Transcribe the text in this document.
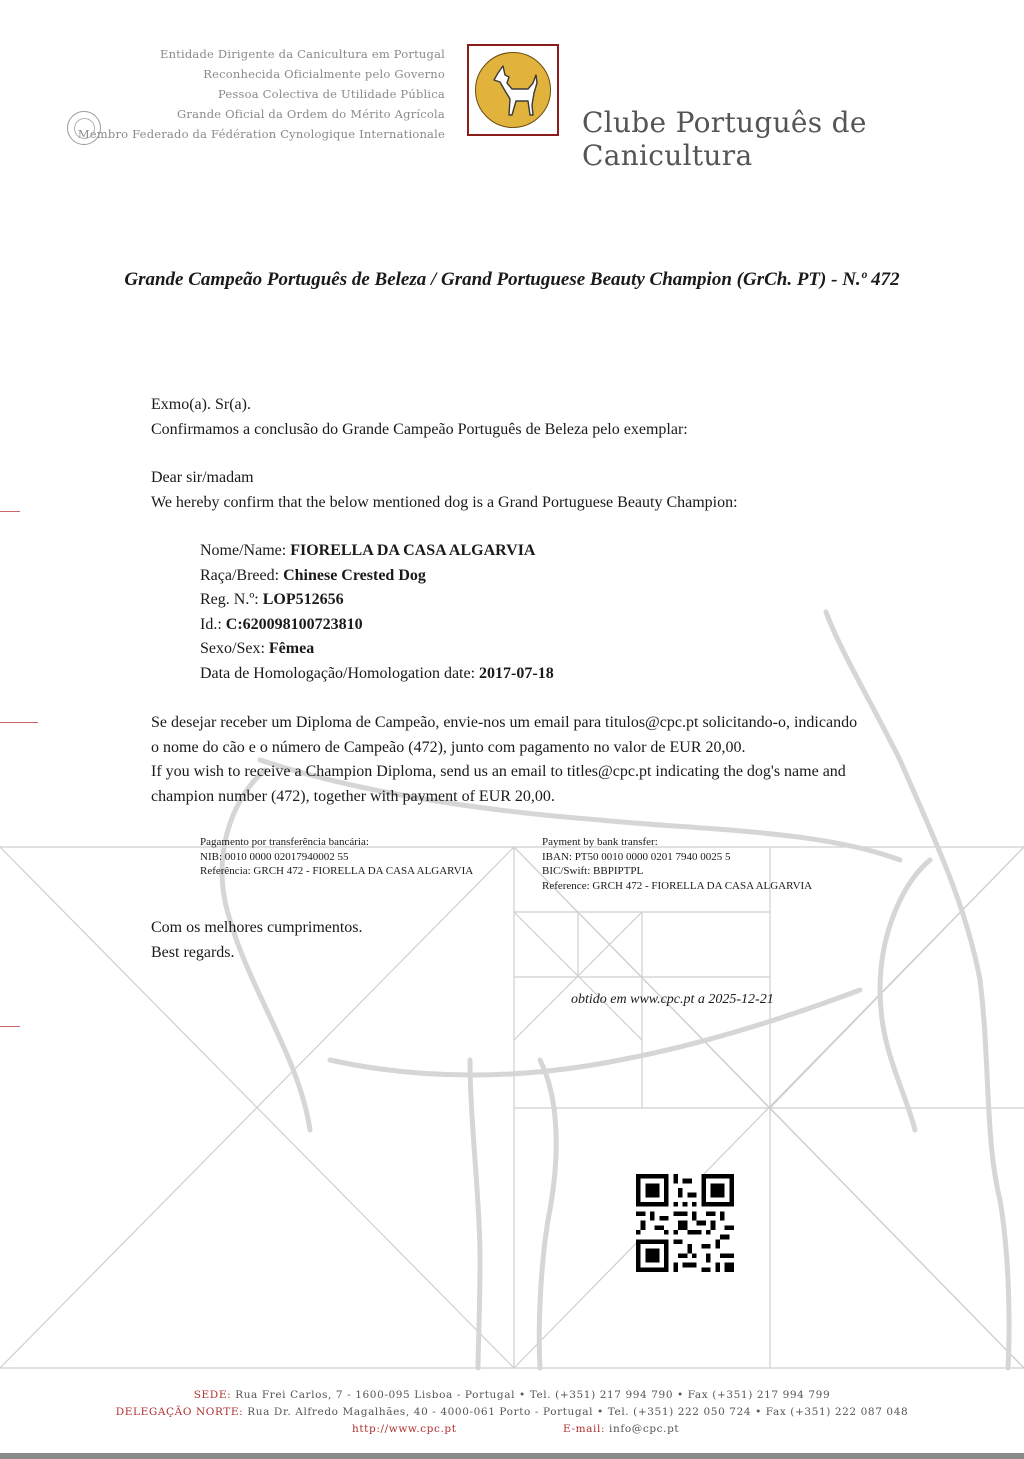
Entidade Dirigente da Canicultura em Portugal
Reconhecida Oficialmente pelo Governo
Pessoa Colectiva de Utilidade Pública
Grande Oficial da Ordem do Mérito Agrícola
Membro Federado da Fédération Cynologique Internationale	Clube Português de Canicultura
Grande Campeão Português de Beleza / Grand Portuguese Beauty Champion (GrCh. PT) - N.º 472
Exmo(a). Sr(a).
Confirmamos a conclusão do Grande Campeão Português de Beleza pelo exemplar:
Dear sir/madam
We hereby confirm that the below mentioned dog is a Grand Portuguese Beauty Champion:
Nome/Name: FIORELLA DA CASA ALGARVIA
Raça/Breed: Chinese Crested Dog
Reg. N.º: LOP512656
Id.: C:620098100723810
Sexo/Sex: Fêmea
Data de Homologação/Homologation date: 2017-07-18
Se desejar receber um Diploma de Campeão, envie-nos um email para titulos@cpc.pt solicitando-o, indicando
o nome do cão e o número de Campeão (472), junto com pagamento no valor de EUR 20,00.
If you wish to receive a Champion Diploma, send us an email to titles@cpc.pt indicating the dog's name and
champion number (472), together with payment of EUR 20,00.
Pagamento por transferência bancária:
NIB: 0010 0000 02017940002 55
Referência: GRCH 472 - FIORELLA DA CASA ALGARVIA
Payment by bank transfer:
IBAN: PT50 0010 0000 0201 7940 0025 5
BIC/Swift: BBPIPTPL
Reference: GRCH 472 - FIORELLA DA CASA ALGARVIA
Com os melhores cumprimentos.
Best regards.
obtido em www.cpc.pt a 2025-12-21
SEDE: Rua Frei Carlos, 7 - 1600-095 Lisboa - Portugal • Tel. (+351) 217 994 790 • Fax (+351) 217 994 799
DELEGAÇÃO NORTE: Rua Dr. Alfredo Magalhães, 40 - 4000-061 Porto - Portugal • Tel. (+351) 222 050 724 • Fax (+351) 222 087 048
http://www.cpc.pt	E-mail: info@cpc.pt
